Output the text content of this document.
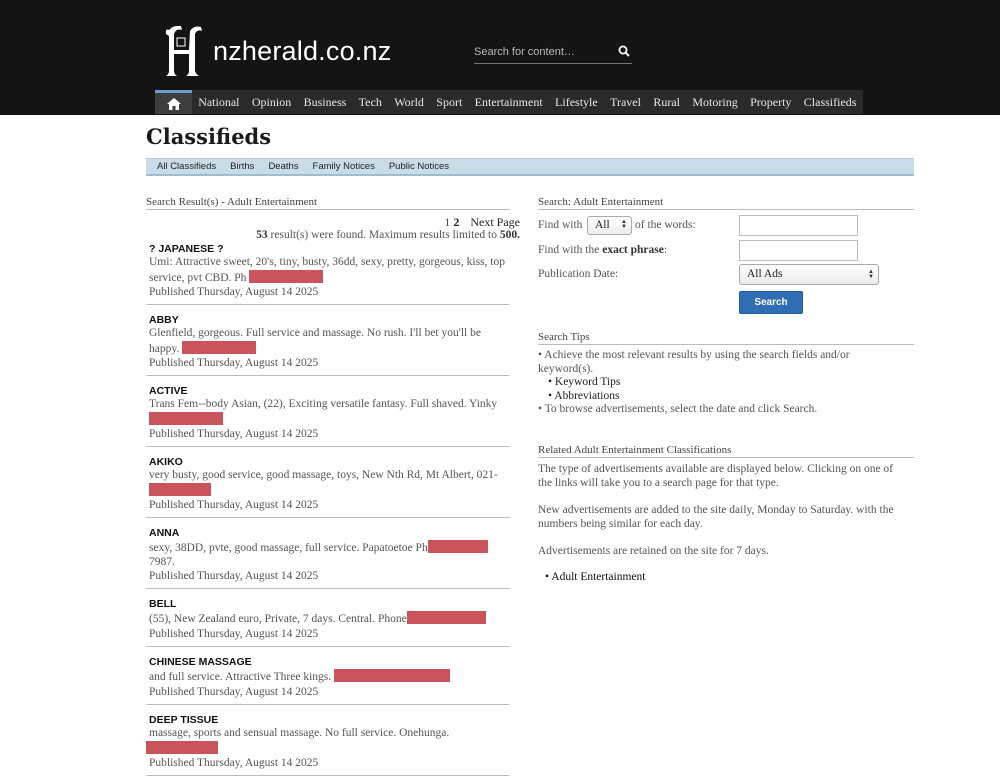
nzherald.co.nz	Search for content…
National	Opinion	Business	Tech	World	Sport	Entertainment	Lifestyle	Travel	Rural	Motoring	Property	Classifieds
Classifieds
All Classifieds	Births	Deaths	Family Notices	Public Notices
Search Result(s) - Adult Entertainment
1 2 Next Page
53 result(s) were found. Maximum results limited to 500.
? JAPANESE ?
Umi: Attractive sweet, 20's, tiny, busty, 36dd, sexy, pretty, gorgeous, kiss, top
service, pvt CBD. Ph
Published Thursday, August 14 2025
ABBY
Glenfield, gorgeous. Full service and massage. No rush. I'll bet you'll be
happy.
Published Thursday, August 14 2025
ACTIVE
Trans Fem--body Asian, (22), Exciting versatile fantasy. Full shaved. Yinky

Published Thursday, August 14 2025
AKIKO
very busty, good service, good massage, toys, New Nth Rd, Mt Albert, 021-

Published Thursday, August 14 2025
ANNA
sexy, 38DD, pvte, good massage, full service. Papatoetoe Ph
7987.
Published Thursday, August 14 2025
BELL
(55), New Zealand euro, Private, 7 days. Central. Phone
Published Thursday, August 14 2025
CHINESE MASSAGE
and full service. Attractive Three kings.
Published Thursday, August 14 2025
DEEP TISSUE
massage, sports and sensual massage. No full service. Onehunga.

Published Thursday, August 14 2025
Search: Adult Entertainment
Find with	All ▲
▼ of the words:
Find with the exact phrase:
Publication Date:	All Ads	▲
▼
Search
Search Tips
• Achieve the most relevant results by using the search fields and/or
keyword(s).
• Keyword Tips
• Abbreviations
• To browse advertisements, select the date and click Search.
Related Adult Entertainment Classifications
The type of advertisements available are displayed below. Clicking on one of
the links will take you to a search page for that type.
New advertisements are added to the site daily, Monday to Saturday. with the
numbers being similar for each day.
Advertisements are retained on the site for 7 days.
• Adult Entertainment
